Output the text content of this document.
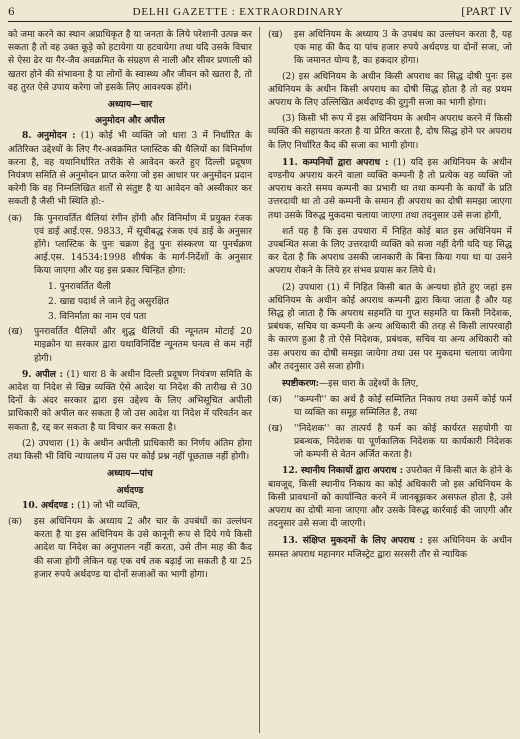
6	DELHI GAZETTE : EXTRAORDINARY	[PART IV

को जमा करने का स्थान अप्राधिकृत है या जनता के लिये परेशानी उत्पन्न कर सकता है तो वह उक्त कूड़े को हटायेगा या हटवायेगा तथा यदि उसके विचार से ऐसा ढेर या गैर-जैव अवक्रमित के संग्रहण से नाली और सीवर प्रणाली को खतरा होने की संभावना है या लोगों के स्वास्थ्य और जीवन को खतरा है, तो वह तुरत ऐसे उपाय करेगा जो इसके लिए आवश्यक होंगे।

अध्याय—चार
अनुमोदन और अपील

8. अनुमोदन : (1) कोई भी व्यक्ति जो धारा 3 में निर्धारित के अतिरिक्त उद्देश्यों के लिए गैर-अवक्रमित प्लास्टिक की थैलियों का विनिर्माण करना है, वह यथानिर्धारित तरीके से आवेदन करते हुए दिल्ली प्रदूषण नियंत्रण समिति से अनुमोदन प्राप्त करेगा जो इस आधार पर अनुमोदन प्रदान करेगी कि वह निम्नलिखित शर्तों से संतुष्ट है या आवेदन को अस्वीकार कर सकती है जैसी भी स्थिति हो:-

(क)	कि पुनरावर्तित थैलियां रंगीन होंगी और विनिर्माण में प्रयुक्त रंजक एवं डाई आई.एस. 9833, में सूचीबद्ध रंजक एवं डाई के अनुसार होंगे। प्लास्टिक के पुनः चक्रण हेतु पुनः संस्करण या पुनर्चक्रण आई.एस. 14534:1998 शीर्षक के मार्ग-निर्देशों के अनुसार किया जाएगा और यह इस प्रकार चिन्हित होगा:
1. पुनरावर्तित थैली
2. खाद्य पदार्थ ले जाने हेतु असुरक्षित
3. विनिर्माता का नाम एवं पता
(ख)	पुनरावर्तित थैलियों और शुद्ध थैलियों की न्यूनतम मोटाई 20 माइक्रोन या सरकार द्वारा यथाविनिर्दिष्ट न्यूनतम घनत्व से कम नहीं होगी।

9. अपील : (1) धारा 8 के अधीन दिल्ली प्रदूषण नियंत्रण समिति के आदेश या निदेश से खिन्न व्यक्ति ऐसे आदेश या निदेश की तारीख से 30 दिनों के अंदर सरकार द्वारा इस उद्देश्य के लिए अभिसूचित अपीली प्राधिकारी को अपील कर सकता है जो उस आदेश या निदेश में परिवर्तन कर सकता है, रद्द कर सकता है या विचार कर सकता है।

(2) उपधारा (1) के अधीन अपीली प्राधिकारी का निर्णय अंतिम होगा तथा किसी भी विधि न्यायालय में उस पर कोई प्रश्न नहीं पूछताछ नहीं होगी।

अध्याय—पांच
अर्थदण्ड

10. अर्थदण्ड : (1) जो भी व्यक्ति,

(क)	इस अधिनियम के अध्याय 2 और चार के उपबंधों का उल्लंघन करता है या इस अधिनियम के उसे कानूनी रूप से दिये गये किसी आदेश या निदेश का अनुपालन नहीं करता, उसे तीन माह की कैद की सजा होगी लेकिन यह एक वर्ष तक बढ़ाई जा सकती है या 25 हजार रुपये अर्थदण्ड या दोनों सजाओं का भागी होगा।
(ख)	इस अधिनियम के अध्याय 3 के उपबंध का उल्लंघन करता है, यह एक माह की कैद या पांच हजार रुपये अर्थदण्ड या दोनों सजा, जो कि जमानत योग्य है, का हकदार होगा।

(2) इस अधिनियम के अधीन किसी अपराध का सिद्ध दोषी पुनः इस अधिनियम के अधीन किसी अपराध का दोषी सिद्ध होता है तो वह प्रथम अपराध के लिए उल्लिखित अर्थदण्ड की दुगुनी सजा का भागी होगा।

(3) किसी भी रूप में इस अधिनियम के अधीन अपराध करने में किसी व्यक्ति की सहायता करता है या प्रेरित करता है, दोष सिद्ध होने पर अपराध के लिए निर्धारित कैद की सजा का भागी होगा।

11. कम्पनियों द्वारा अपराध : (1) यदि इस अधिनियम के अधीन दण्डनीय अपराध करने वाला व्यक्ति कम्पनी है तो प्रत्येक वह व्यक्ति जो अपराध करते समय कम्पनी का प्रभारी था तथा कम्पनी के कार्यों के प्रति उत्तरदायी था तो उसे कम्पनी के समान ही अपराध का दोषी समझा जाएगा तथा उसके विरुद्ध मुकदमा चलाया जाएगा तथा तदनुसार उसे सजा होगी,

शर्त यह है कि इस उपधारा में निहित कोई बात इस अधिनियम में उपबन्धित सजा के लिए उत्तरदायी व्यक्ति को सजा नहीं देगी यदि यह सिद्ध कर देता है कि अपराध उसकी जानकारी के बिना किया गया था या उसने अपराध रोकने के लिये हर संभव प्रयास कर लिये थे।

(2) उपधारा (1) में निहित किसी बात के अन्यथा होते हुए जहां इस अधिनियम के अधीन कोई अपराध कम्पनी द्वारा किया जाता है और यह सिद्ध हो जाता है कि अपराध सहमति या गुप्त सहमति या किसी निदेशक, प्रबंधक, सचिव या कम्पनी के अन्य अधिकारी की तरह से किसी लापरवाही के कारण हुआ है तो ऐसे निदेशक, प्रबंधक, सचिव या अन्य अधिकारी को उस अपराध का दोषी समझा जायेगा तथा उस पर मुकदमा चलाया जायेगा और तदनुसार उसे सजा होगी।

स्पष्टीकरण:—इस धारा के उद्देश्यों के लिए,

(क)	''कम्पनी'' का अर्थ है कोई सम्मिलित निकाय तथा उसमें कोई फर्म या व्यक्ति का समूह सम्मिलित है, तथा
(ख)	''निदेशक'' का तात्पर्य है फर्म का कोई कार्यरत सहयोगी या प्रबन्धक, निदेशक या पूर्णकालिक निदेशक या कार्यकारी निदेशक जो कम्पनी से वेतन अर्जित करता है।

12. स्थानीय निकायों द्वारा अपराध : उपरोक्त में किसी बात के होने के बावजूद, किसी स्थानीय निकाय का कोई अधिकारी जो इस अधिनियम के किसी प्रावधानों को कार्यान्वित करने में जानबूझकर असफल होता है, उसे अपराध का दोषी माना जाएगा और उसके विरुद्ध कार्रवाई की जाएगी और तदनुसार उसे सजा दी जाएगी।

13. संक्षिप्त मुकदमों के लिए अपराध : इस अधिनियम के अधीन समस्त अपराध महानगर मजिस्ट्रेट द्वारा सरसरी तौर से न्यायिक
